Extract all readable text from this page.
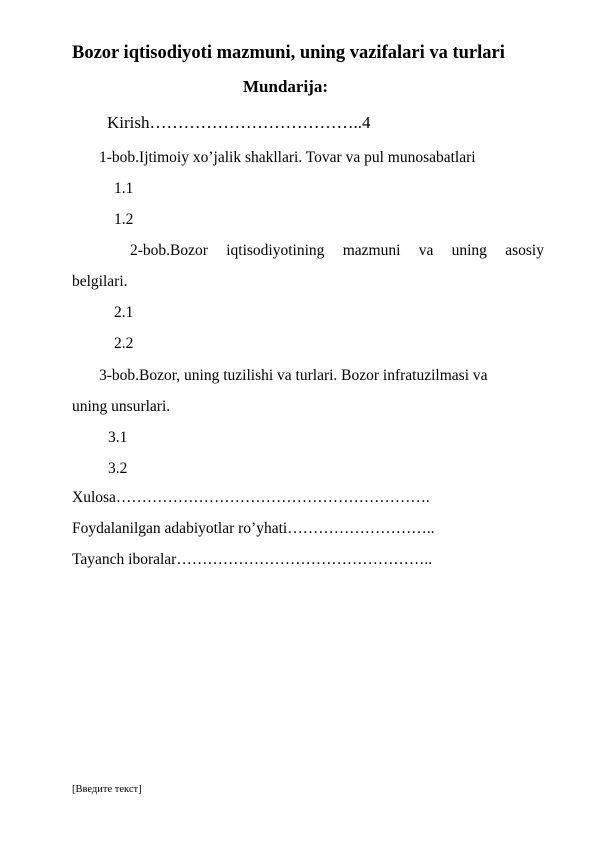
Bozor iqtisodiyoti mazmuni, uning vazifalari va turlari
Mundarija:
Kirish………………………………..4
1-bob.Ijtimoiy xo’jalik shakllari. Tovar va pul munosabatlari
1.1
1.2
2-bob.Bozor iqtisodiyotining mazmuni va uning asosiy
belgilari.
2.1
2.2
3-bob.Bozor, uning tuzilishi va turlari. Bozor infratuzilmasi va
uning unsurlari.
3.1
3.2
Xulosa…………………………………………………….
Foydalanilgan adabiyotlar ro’yhati………………………..
Tayanch iboralar…………………………………………..
[Введите текст]
